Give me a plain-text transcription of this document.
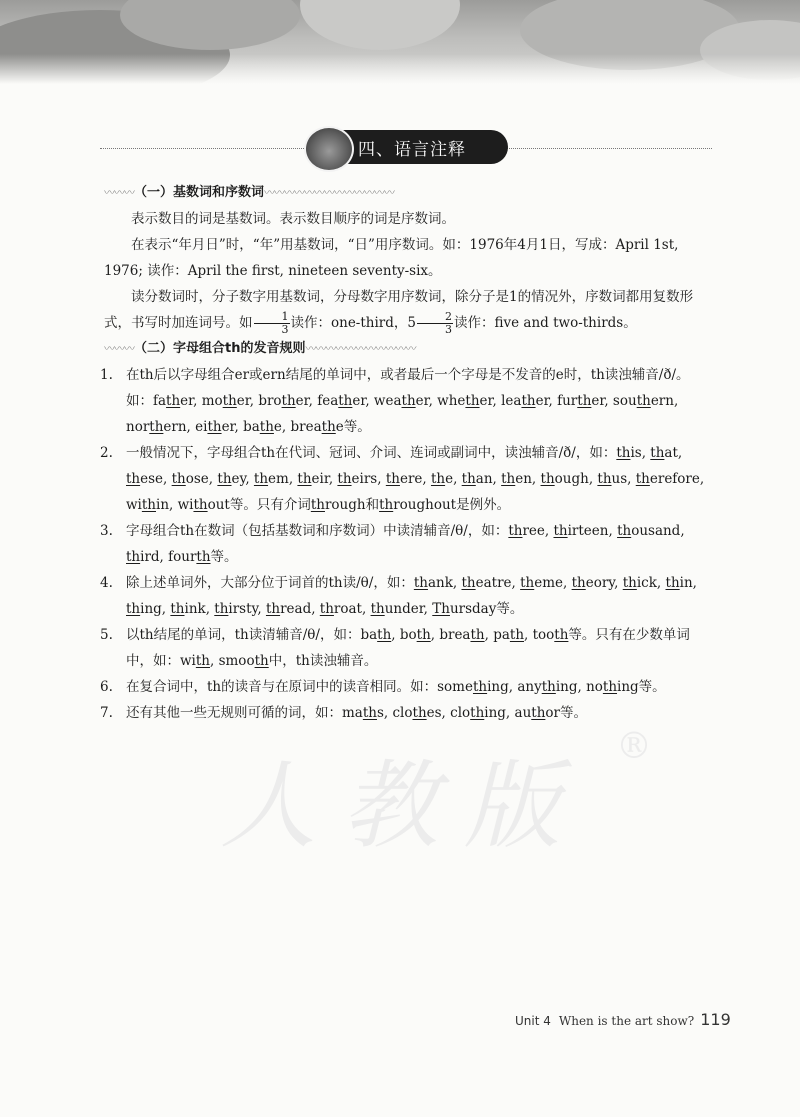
四、语言注释
〰〰〰（一）基数词和序数词〰〰〰〰〰〰〰〰〰〰〰〰〰

表示数目的词是基数词。表示数目顺序的词是序数词。

在表示“年月日”时，“年”用基数词，“日”用序数词。如：1976年4月1日，写成：April 1st, 1976; 读作：April the first, nineteen seventy-six。

读分数词时，分子数字用基数词，分母数字用序数词，除分子是1的情况外，序数词都用复数形式，书写时加连词号。如 $\frac{1}{3}$ 读作：one-third，$5 \frac{2}{3}$ 读作：five and two-thirds。

〰〰〰（二）字母组合th的发音规则〰〰〰〰〰〰〰〰〰〰〰
1. 在th后以字母组合er或ern结尾的单词中，或者最后一个字母是不发音的e时，th读浊辅音/ð/。如：father, mother, brother, feather, weather, whether, leather, further, southern, northern, either, bathe, breathe等。
2. 一般情况下，字母组合th在代词、冠词、介词、连词或副词中，读浊辅音/ð/，如：this, that, these, those, they, them, their, theirs, there, the, than, then, though, thus, therefore, within, without等。只有介词through和throughout是例外。
3. 字母组合th在数词（包括基数词和序数词）中读清辅音/θ/，如：three, thirteen, thousand, third, fourth等。
4. 除上述单词外，大部分位于词首的th读/θ/，如：thank, theatre, theme, theory, thick, thin, thing, think, thirsty, thread, throat, thunder, Thursday等。
5. 以th结尾的单词，th读清辅音/θ/，如：bath, both, breath, path, tooth等。只有在少数单词中，如：with, smooth中，th读浊辅音。
6. 在复合词中，th的读音与在原词中的读音相同。如：something, anything, nothing等。
7. 还有其他一些无规则可循的词，如：maths, clothes, clothing, author等。
人教版
®
Unit 4 When is the art show? 119
